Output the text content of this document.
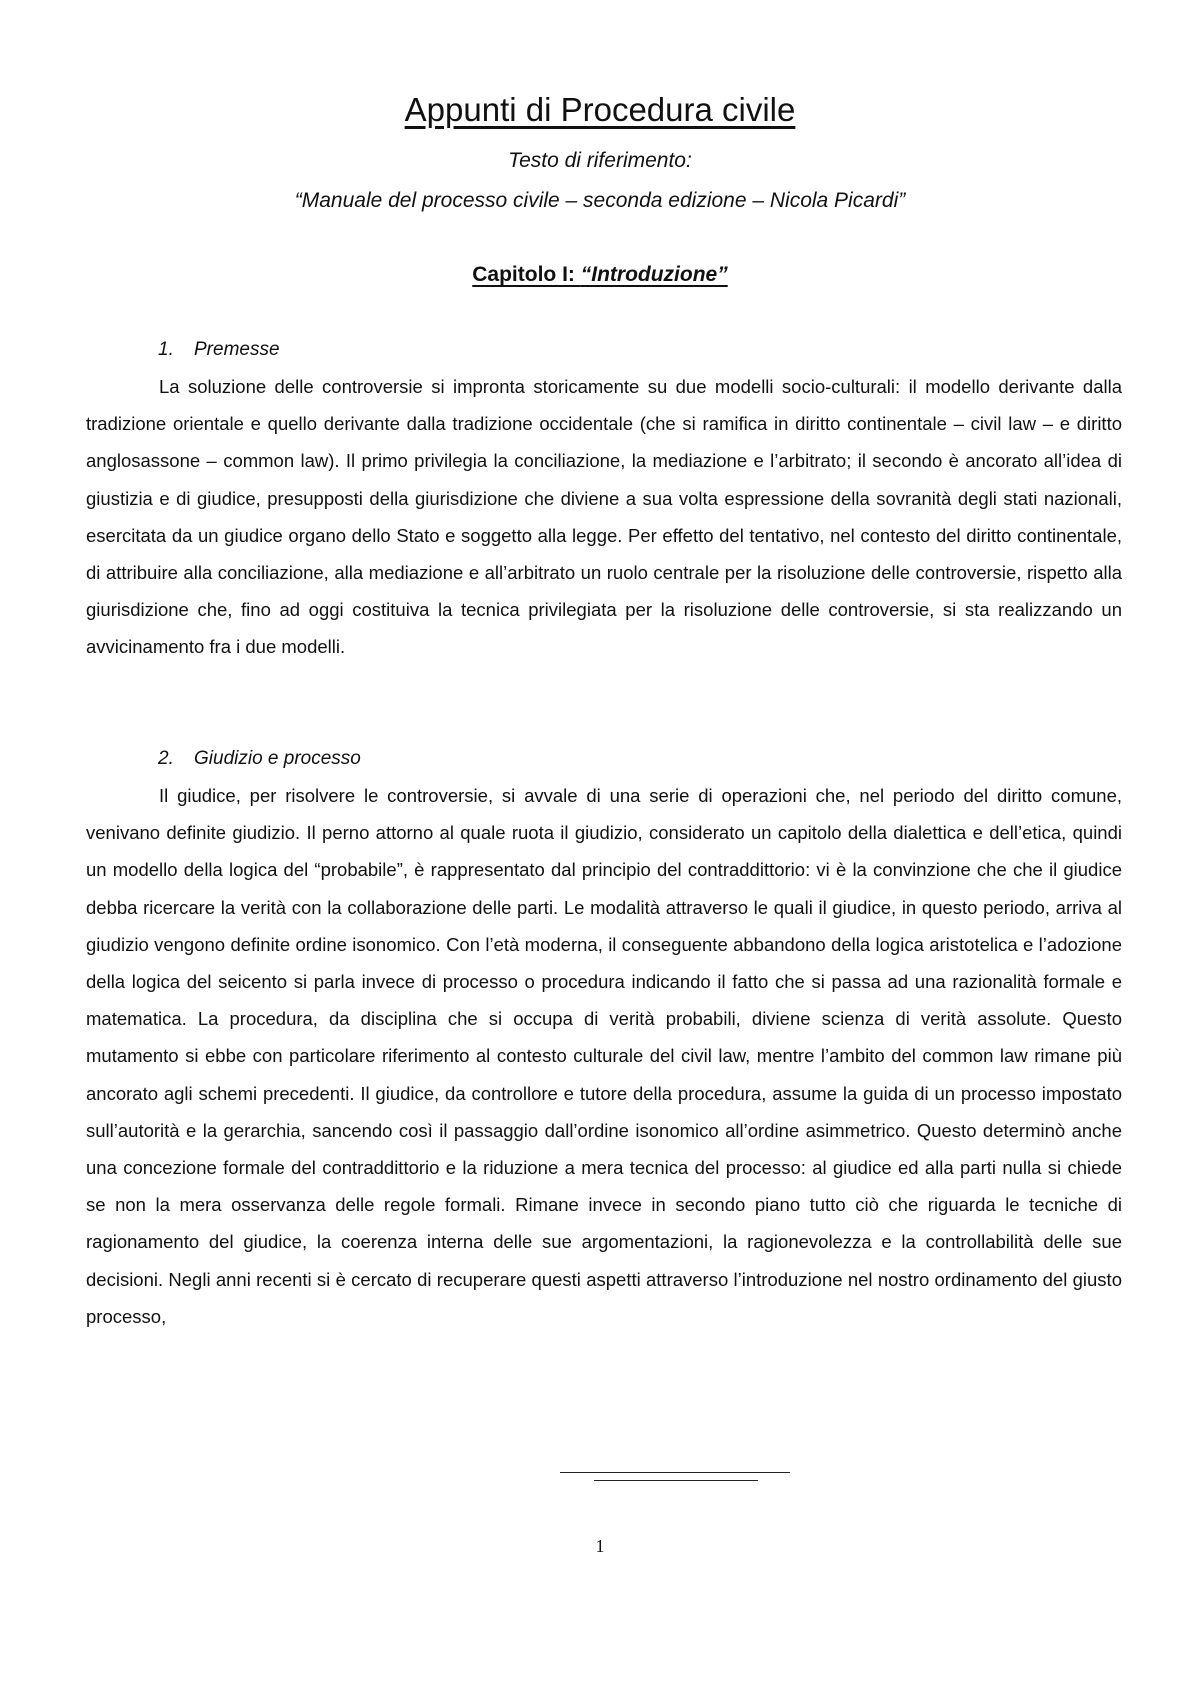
Appunti di Procedura civile
Testo di riferimento:
“Manuale del processo civile – seconda edizione – Nicola Picardi”
Capitolo I: “Introduzione”
1. Premesse

La soluzione delle controversie si impronta storicamente su due modelli socio-culturali: il modello derivante dalla tradizione orientale e quello derivante dalla tradizione occidentale (che si ramifica in diritto continentale – civil law – e diritto anglosassone – common law). Il primo privilegia la conciliazione, la mediazione e l’arbitrato; il secondo è ancorato all’idea di giustizia e di giudice, presupposti della giurisdizione che diviene a sua volta espressione della sovranità degli stati nazionali, esercitata da un giudice organo dello Stato e soggetto alla legge. Per effetto del tentativo, nel contesto del diritto continentale, di attribuire alla conciliazione, alla mediazione e all’arbitrato un ruolo centrale per la risoluzione delle controversie, rispetto alla giurisdizione che, fino ad oggi costituiva la tecnica privilegiata per la risoluzione delle controversie, si sta realizzando un avvicinamento fra i due modelli.

2. Giudizio e processo

Il giudice, per risolvere le controversie, si avvale di una serie di operazioni che, nel periodo del diritto comune, venivano definite giudizio. Il perno attorno al quale ruota il giudizio, considerato un capitolo della dialettica e dell’etica, quindi un modello della logica del “probabile”, è rappresentato dal principio del contraddittorio: vi è la convinzione che che il giudice debba ricercare la verità con la collaborazione delle parti. Le modalità attraverso le quali il giudice, in questo periodo, arriva al giudizio vengono definite ordine isonomico. Con l’età moderna, il conseguente abbandono della logica aristotelica e l’adozione della logica del seicento si parla invece di processo o procedura indicando il fatto che si passa ad una razionalità formale e matematica. La procedura, da disciplina che si occupa di verità probabili, diviene scienza di verità assolute. Questo mutamento si ebbe con particolare riferimento al contesto culturale del civil law, mentre l’ambito del common law rimane più ancorato agli schemi precedenti. Il giudice, da controllore e tutore della procedura, assume la guida di un processo impostato sull’autorità e la gerarchia, sancendo così il passaggio dall’ordine isonomico all’ordine asimmetrico. Questo determinò anche una concezione formale del contraddittorio e la riduzione a mera tecnica del processo: al giudice ed alla parti nulla si chiede se non la mera osservanza delle regole formali. Rimane invece in secondo piano tutto ciò che riguarda le tecniche di ragionamento del giudice, la coerenza interna delle sue argomentazioni, la ragionevolezza e la controllabilità delle sue decisioni. Negli anni recenti si è cercato di recuperare questi aspetti attraverso l’introduzione nel nostro ordinamento del giusto processo,

1
